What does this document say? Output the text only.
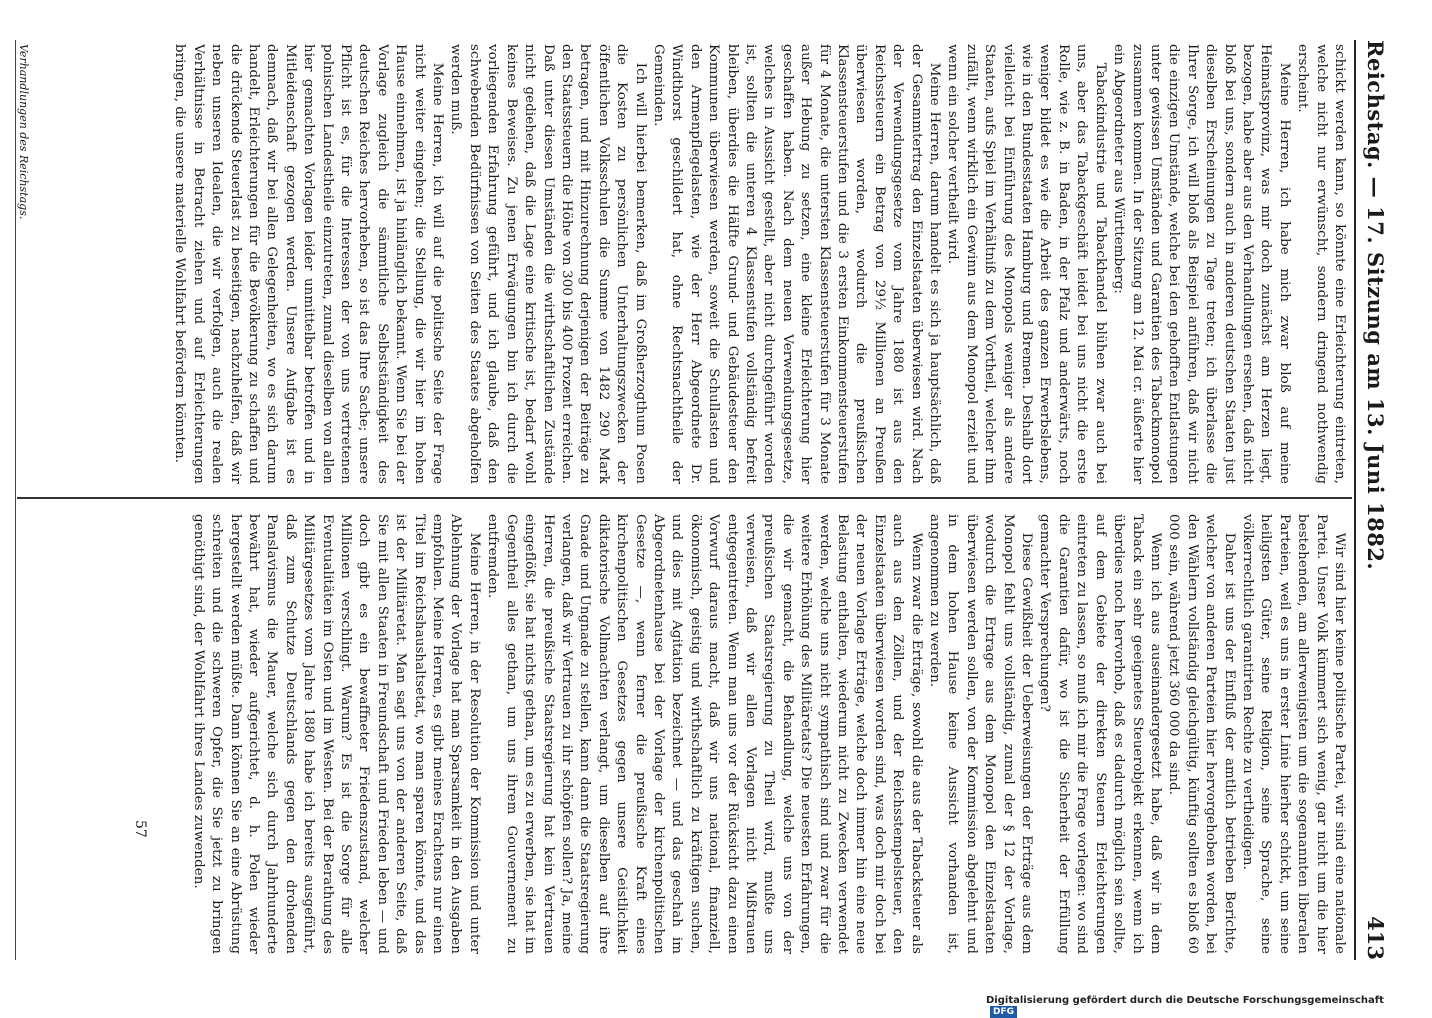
Reichstag. — 17. Sitzung am 13. Juni 1882.
413

schickt werden kann, so könnte eine Erleichterung eintreten, welche nicht nur erwünscht, sondern dringend nothwendig erscheint.

Meine Herren, ich habe mich zwar bloß auf meine Heimatsprovinz, was mir doch zunächst am Herzen liegt, bezogen, habe aber aus den Verhandlungen ersehen, daß nicht bloß bei uns, sondern auch in anderen deutschen Staaten just dieselben Erscheinungen zu Tage treten; ich überlasse die Ihrer Sorge, ich will bloß als Beispiel anführen, daß wir nicht die einzigen Umstände, welche bei den gehofften Entlastungen unter gewissen Umständen und Garantien des Tabackmonopol zusammen kommen. In der Sitzung am 12. Mai cr. äußerte hier ein Abgeordneter aus Württemberg:

Tabackindustrie und Tabackhandel blühen zwar auch bei uns, aber das Tabackgeschäft leidet bei uns nicht die erste Rolle, wie z. B. in Baden, in der Pfalz und anderwärts, noch weniger bildet es wie die Arbeit des ganzen Erwerbslebens, wie in den Bundesstaaten Hamburg und Bremen. Deshalb dort vielleicht bei Einführung des Monopols weniger als andere Staaten, aufs Spiel im Verhältniß zu dem Vortheil, welcher ihm zufällt, wenn wirklich ein Gewinn aus dem Monopol erzielt und wenn ein solcher vertheilt wird.

Meine Herren, darum handelt es sich ja hauptsächlich, daß der Gesammtertrag den Einzelstaaten überwiesen wird. Nach der Verwendungsgesetze vom Jahre 1880 ist aus den Reichssteuern ein Betrag von 29½ Millionen an Preußen überwiesen worden, wodurch die preußischen Klassensteuerstufen und die 3 ersten Einkommensteuerstufen für 4 Monate, die untersten Klassensteuerstufen für 3 Monate außer Hebung zu setzen, eine kleine Erleichterung hier geschaffen haben. Nach dem neuen Verwendungsgesetze, welches in Aussicht gestellt, aber nicht durchgeführt worden ist, sollten die unteren 4 Klassenstufen vollständig befreit bleiben, überdies die Hälfte Grund- und Gebäudesteuer den Kommunen überwiesen werden, soweit die Schullasten und den Armenpflegelasten, wie der Herr Abgeordnete Dr. Windthorst geschildert hat, ohne Rechtsnachtheile der Gemeinden.

Ich will hierbei bemerken, daß im Großherzogthum Posen die Kosten zu persönlichen Unterhaltungszwecken der öffentlichen Volksschulen die Summe von 1482 290 Mark betragen, und mit Hinzurechnung derjenigen der Beiträge zu den Staatssteuern die Höhe von 300 bis 400 Prozent erreichen. Daß unter diesen Umständen die wirthschaftlichen Zustände nicht gediehen, daß die Lage eine kritische ist, bedarf wohl keines Beweises. Zu jenen Erwägungen bin ich durch die vorliegenden Erfahrung geführt, und ich glaube, daß den schwebenden Bedürfnissen von Seiten des Staates abgeholfen werden muß.

Meine Herren, ich will auf die politische Seite der Frage nicht weiter eingehen; die Stellung, die wir hier im hohen Hause einnehmen, ist ja hinlänglich bekannt. Wenn Sie bei der Vorlage zugleich die sämmtliche Selbstständigkeit des deutschen Reiches hervorheben, so ist das Ihre Sache; unsere Pflicht ist es, für die Interessen der von uns vertretenen polnischen Landestheile einzutreten, zumal dieselben von allen hier gemachten Vorlagen leider unmittelbar betroffen und in Mitleidenschaft gezogen werden. Unsere Aufgabe ist es demnach, daß wir bei allen Gelegenheiten, wo es sich darum handelt, Erleichterungen für die Bevölkerung zu schaffen und die drückende Steuerlast zu beseitigen, nachzuhelfen, daß wir neben unseren Idealen, die wir verfolgen, auch die realen Verhältnisse in Betracht ziehen und auf Erleichterungen bringen, die unsere materielle Wohlfahrt befördern könnten.

Wir sind hier keine politische Partei, wir sind eine nationale Partei. Unser Volk kümmert sich wenig, gar nicht um die hier bestehenden, am allerwenigsten um die sogenannten liberalen Parteien, weil es uns in erster Linie hierher schickt, um seine heiligsten Güter, seine Religion, seine Sprache, seine völkerrechtlich garantirten Rechte zu vertheidigen.

Daher ist uns der Einfluß der amtlich betrieben Berichte, welcher von anderen Parteien hier hervorgehoben worden, bei den Wählern vollständig gleichgültig, künftig sollten es bloß 60 000 sein, während jetzt 360 000 da sind.

Wenn ich aus auseinandergesetzt habe, daß wir in dem Taback ein sehr geeignetes Steuerobjekt erkennen, wenn ich überdies noch hervorhob, daß es dadurch möglich sein sollte, auf dem Gebiete der direkten Steuern Erleichterungen eintreten zu lassen, so muß ich mir die Frage vorlegen: wo sind die Garantien dafür, wo ist die Sicherheit der Erfüllung gemachter Versprechungen?

Diese Gewißheit der Ueberweisungen der Erträge aus dem Monopol fehlt uns vollständig, zumal der § 12 der Vorlage, wodurch die Ertrage aus dem Monopol den Einzelstaaten überwiesen werden sollen, von der Kommission abgelehnt und in dem hohen Hause keine Aussicht vorhanden ist, angenommen zu werden.

Wenn zwar die Erträge, sowohl die aus der Tabacksteuer als auch aus den Zöllen, und der Reichsstempelsteuer, den Einzelstaaten überwiesen worden sind, was doch mir doch bei der neuen Vorlage Erträge, welche doch immer hin eine neue Belastung enthalten, wiederum nicht zu Zwecken verwendet werden, welche uns nicht sympathisch sind und zwar für die weitere Erhöhung des Militäretats? Die neuesten Erfahrungen, die wir gemacht, die Behandlung, welche uns von der preußischen Staatsregierung zu Theil wird, mußte uns verweisen, daß wir allen Vorlagen nicht Mißtrauen entgegentreten. Wenn man uns vor der Rücksicht dazu einen Vorwurf daraus macht, daß wir uns national, finanziell, ökonomisch, geistig und wirthschaftlich zu kräftigen suchen, und dies mit Agitation bezeichnet — und das geschah im Abgeordnetenhause bei der Vorlage der kirchenpolitischen Gesetze —, wenn ferner die preußische Kraft eines kirchenpolitischen Gesetzes gegen unsere Geistlichkeit diktatorische Vollmachten verlangt, um dieselben auf ihre Gnade und Ungnade zu stellen, kann dann die Staatsregierung verlangen, daß wir Vertrauen zu ihr schöpfen sollen? Ja, meine Herren, die preußische Staatsregierung hat kein Vertrauen eingeflößt, sie hat nichts gethan, um es zu erwerben, sie hat im Gegentheil alles gethan, um uns ihrem Gouvernement zu entfremden.

Meine Herren, in der Resolution der Kommission und unter Ablehnung der Vorlage hat man Sparsamkeit in den Ausgaben empfohlen. Meine Herren, es gibt meines Erachtens nur einen Titel im Reichshaushaltsetat, wo man sparen könnte, und das ist der Militäretat. Man sagt uns von der anderen Seite, daß Sie mit allen Staaten in Freundschaft und Frieden leben — und doch gibt es ein bewaffneter Friedenszustand, welcher Millionen verschlingt. Warum? Es ist die Sorge für alle Eventualitäten im Osten und im Westen. Bei der Berathung des Militärgesetzes vom Jahre 1880 habe ich bereits ausgeführt, daß zum Schutze Deutschlands gegen den drohenden Panslavismus die Mauer, welche sich durch Jahrhunderte bewährt hat, wieder aufgerichtet, d. h. Polen wieder hergestellt werden müßte. Dann können Sie an eine Abrüstung schreiten und die schweren Opfer, die Sie jetzt zu bringen genöthigt sind, der Wohlfahrt ihres Landes zuwenden.

57
Verhandlungen des Reichstags.
Digitalisierung gefördert durch die Deutsche ForschungsgemeinschaftDFG
